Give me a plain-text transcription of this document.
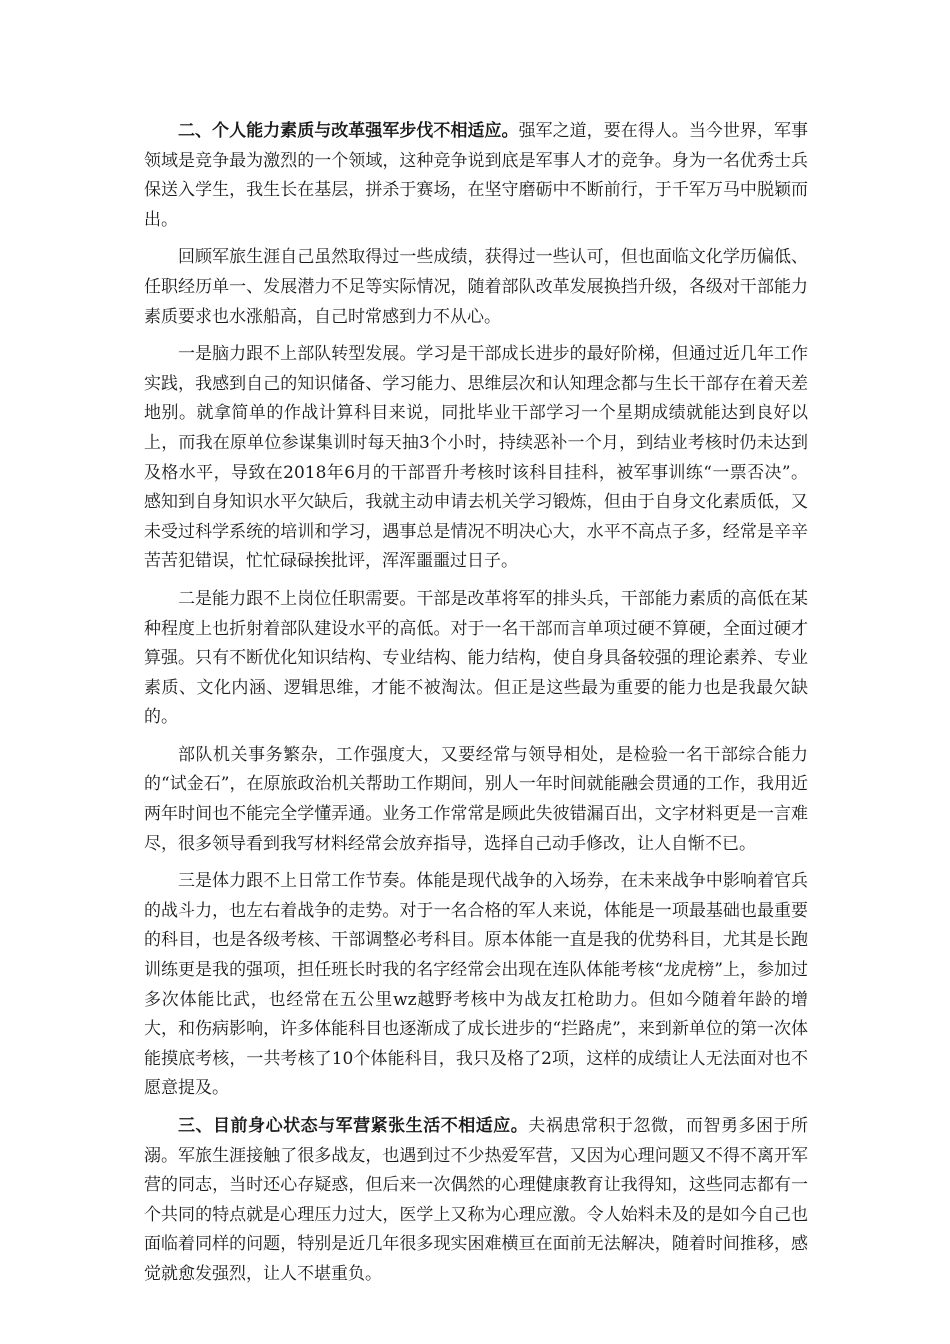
二、个人能力素质与改革强军步伐不相适应。强军之道，要在得人。当今世界，军事领域是竞争最为激烈的一个领域，这种竞争说到底是军事人才的竞争。身为一名优秀士兵保送入学生，我生长在基层，拼杀于赛场，在坚守磨砺中不断前行，于千军万马中脱颖而出。

回顾军旅生涯自己虽然取得过一些成绩，获得过一些认可，但也面临文化学历偏低、任职经历单一、发展潜力不足等实际情况，随着部队改革发展换挡升级，各级对干部能力素质要求也水涨船高，自己时常感到力不从心。

一是脑力跟不上部队转型发展。学习是干部成长进步的最好阶梯，但通过近几年工作实践，我感到自己的知识储备、学习能力、思维层次和认知理念都与生长干部存在着天差地别。就拿简单的作战计算科目来说，同批毕业干部学习一个星期成绩就能达到良好以上，而我在原单位参谋集训时每天抽3个小时，持续恶补一个月，到结业考核时仍未达到及格水平，导致在2018年6月的干部晋升考核时该科目挂科，被军事训练“一票否决”。感知到自身知识水平欠缺后，我就主动申请去机关学习锻炼，但由于自身文化素质低，又未受过科学系统的培训和学习，遇事总是情况不明决心大，水平不高点子多，经常是辛辛苦苦犯错误，忙忙碌碌挨批评，浑浑噩噩过日子。

二是能力跟不上岗位任职需要。干部是改革将军的排头兵，干部能力素质的高低在某种程度上也折射着部队建设水平的高低。对于一名干部而言单项过硬不算硬，全面过硬才算强。只有不断优化知识结构、专业结构、能力结构，使自身具备较强的理论素养、专业素质、文化内涵、逻辑思维，才能不被淘汰。但正是这些最为重要的能力也是我最欠缺的。

部队机关事务繁杂，工作强度大，又要经常与领导相处，是检验一名干部综合能力的“试金石”，在原旅政治机关帮助工作期间，别人一年时间就能融会贯通的工作，我用近两年时间也不能完全学懂弄通。业务工作常常是顾此失彼错漏百出，文字材料更是一言难尽，很多领导看到我写材料经常会放弃指导，选择自己动手修改，让人自惭不已。

三是体力跟不上日常工作节奏。体能是现代战争的入场券，在未来战争中影响着官兵的战斗力，也左右着战争的走势。对于一名合格的军人来说，体能是一项最基础也最重要的科目，也是各级考核、干部调整必考科目。原本体能一直是我的优势科目，尤其是长跑训练更是我的强项，担任班长时我的名字经常会出现在连队体能考核“龙虎榜”上，参加过多次体能比武，也经常在五公里wz越野考核中为战友扛枪助力。但如今随着年龄的增大，和伤病影响，许多体能科目也逐渐成了成长进步的“拦路虎”，来到新单位的第一次体能摸底考核，一共考核了10个体能科目，我只及格了2项，这样的成绩让人无法面对也不愿意提及。

三、目前身心状态与军营紧张生活不相适应。夫祸患常积于忽微，而智勇多困于所溺。军旅生涯接触了很多战友，也遇到过不少热爱军营，又因为心理问题又不得不离开军营的同志，当时还心存疑惑，但后来一次偶然的心理健康教育让我得知，这些同志都有一个共同的特点就是心理压力过大，医学上又称为心理应激。令人始料未及的是如今自己也面临着同样的问题，特别是近几年很多现实困难横亘在面前无法解决，随着时间推移，感觉就愈发强烈，让人不堪重负。
